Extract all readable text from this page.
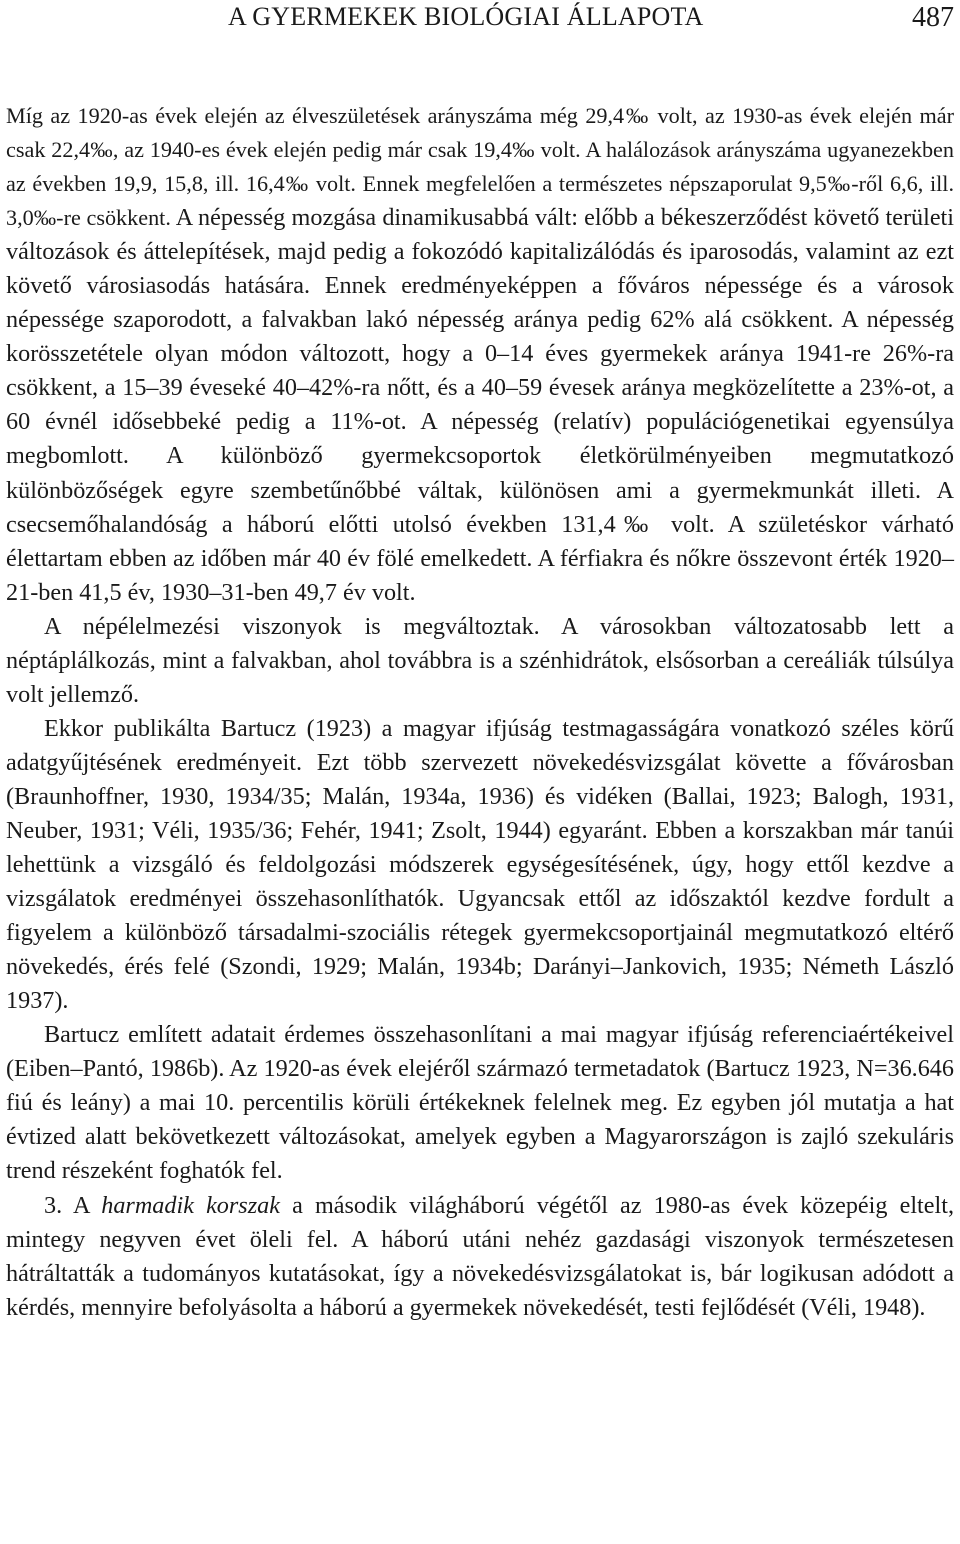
A GYERMEKEK BIOLÓGIAI ÁLLAPOTA	487

Míg az 1920-as évek elején az élveszületések arányszáma még 29,4‰ volt, az 1930-as évek elején már csak 22,4‰, az 1940-es évek elején pedig már csak 19,4‰ volt. A halálozások arányszáma ugyanezekben az években 19,9, 15,8, ill. 16,4‰ volt. Ennek megfelelően a természetes népszaporulat 9,5‰-ről 6,6, ill. 3,0‰-re csökkent. A népesség mozgása dinamikusabbá vált: előbb a békeszerződést követő területi változások és áttelepítések, majd pedig a fokozódó kapitalizálódás és iparosodás, valamint az ezt követő városiasodás hatására. Ennek eredményeképpen a főváros népessége és a városok népessége szaporodott, a falvakban lakó népesség aránya pedig 62% alá csökkent. A népesség korösszetétele olyan módon változott, hogy a 0–14 éves gyermekek aránya 1941-re 26%-ra csökkent, a 15–39 éveseké 40–42%-ra nőtt, és a 40–59 évesek aránya megközelítette a 23%-ot, a 60 évnél idősebbeké pedig a 11%-ot. A népesség (relatív) populációgenetikai egyensúlya megbomlott. A különböző gyermekcsoportok életkörülményeiben megmutatkozó különbözőségek egyre szembetűnőbbé váltak, különösen ami a gyermekmunkát illeti. A csecsemőhalandóság a háború előtti utolsó években 131,4‰ volt. A születéskor várható élettartam ebben az időben már 40 év fölé emelkedett. A férfiakra és nőkre összevont érték 1920–21-ben 41,5 év, 1930–31-ben 49,7 év volt.

A népélelmezési viszonyok is megváltoztak. A városokban változatosabb lett a néptáplálkozás, mint a falvakban, ahol továbbra is a szénhidrátok, elsősorban a cereáliák túlsúlya volt jellemző.

Ekkor publikálta Bartucz (1923) a magyar ifjúság testmagasságára vonatkozó széles körű adatgyűjtésének eredményeit. Ezt több szervezett növekedésvizsgálat követte a fővárosban (Braunhoffner, 1930, 1934/35; Malán, 1934a, 1936) és vidéken (Ballai, 1923; Balogh, 1931, Neuber, 1931; Véli, 1935/36; Fehér, 1941; Zsolt, 1944) egyaránt. Ebben a korszakban már tanúi lehettünk a vizsgáló és feldolgozási módszerek egységesítésének, úgy, hogy ettől kezdve a vizsgálatok eredményei összehasonlíthatók. Ugyancsak ettől az időszaktól kezdve fordult a figyelem a különböző társadalmi-szociális rétegek gyermekcsoportjainál megmutatkozó eltérő növekedés, érés felé (Szondi, 1929; Malán, 1934b; Darányi–Jankovich, 1935; Németh László 1937).

Bartucz említett adatait érdemes összehasonlítani a mai magyar ifjúság referenciaértékeivel (Eiben–Pantó, 1986b). Az 1920-as évek elejéről származó termetadatok (Bartucz 1923, N=36.646 fiú és leány) a mai 10. percentilis körüli értékeknek felelnek meg. Ez egyben jól mutatja a hat évtized alatt bekövetkezett változásokat, amelyek egyben a Magyarországon is zajló szekuláris trend részeként foghatók fel.

3. A harmadik korszak a második világháború végétől az 1980-as évek közepéig eltelt, mintegy negyven évet öleli fel. A háború utáni nehéz gazdasági viszonyok természetesen hátráltatták a tudományos kutatásokat, így a növekedésvizsgálatokat is, bár logikusan adódott a kérdés, mennyire befolyásolta a háború a gyermekek növekedését, testi fejlődését (Véli, 1948).
